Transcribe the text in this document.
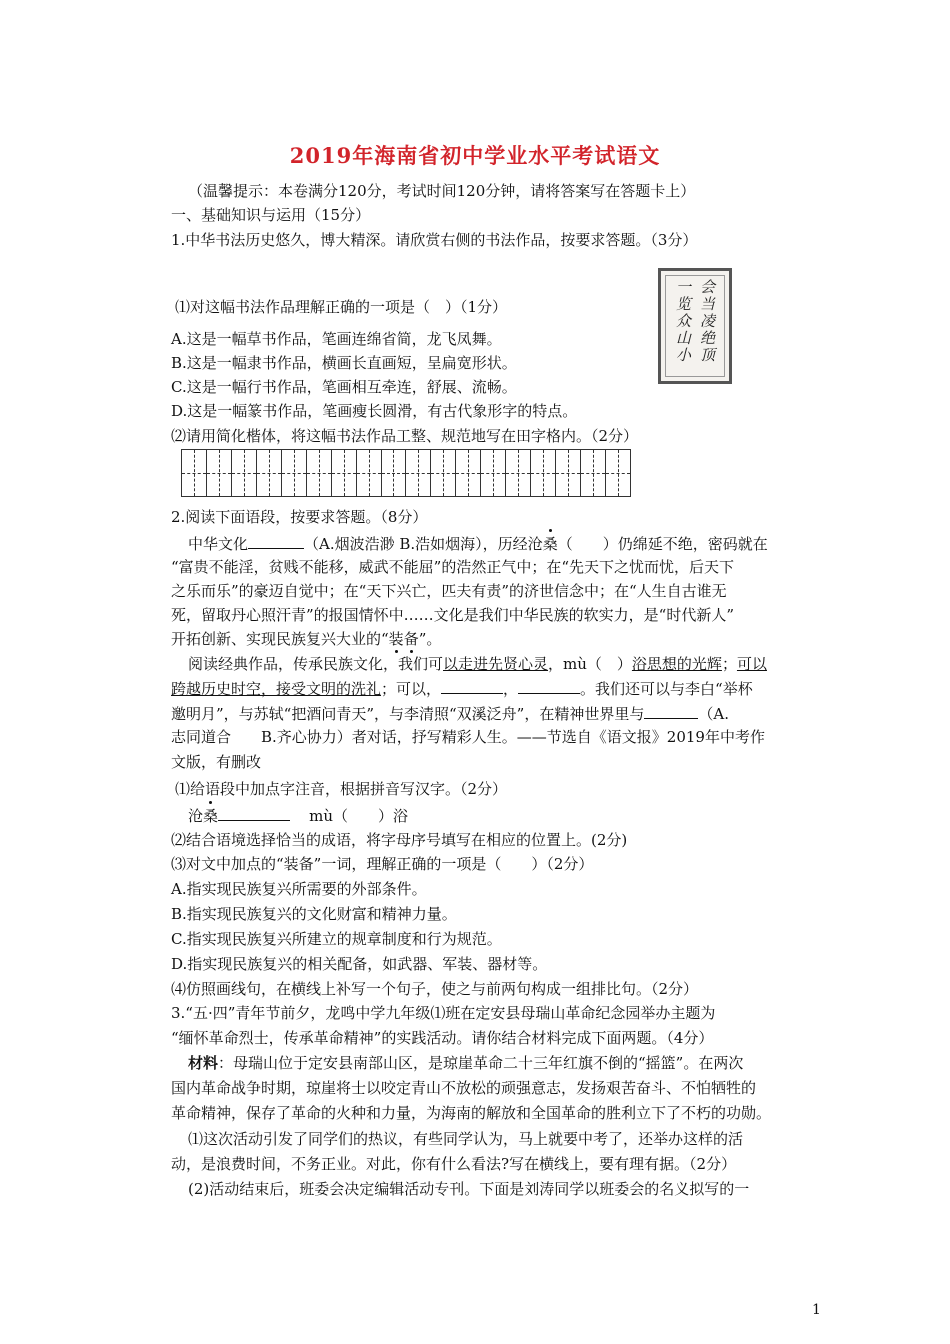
2019年海南省初中学业水平考试语文
（温馨提示：本卷满分120分，考试时间120分钟，请将答案写在答题卡上）
一、基础知识与运用（15分）
1.中华书法历史悠久，博大精深。请欣赏右侧的书法作品，按要求答题。（3分）
会当凌绝顶
一览众山小
⑴对这幅书法作品理解正确的一项是（　）（1分）
A.这是一幅草书作品，笔画连绵省简，龙飞凤舞。
B.这是一幅隶书作品，横画长直画短，呈扁宽形状。
C.这是一幅行书作品，笔画相互牵连，舒展、流畅。
D.这是一幅篆书作品，笔画瘦长圆滑，有古代象形字的特点。
⑵请用简化楷体，将这幅书法作品工整、规范地写在田字格内。（2分）
2.阅读下面语段，按要求答题。（8分）
中华文化	（A.烟波浩渺 B.浩如烟海），历经沧桑（　　）仍绵延不绝，密码就在
“富贵不能淫，贫贱不能移，威武不能屈”的浩然正气中；在“先天下之忧而忧，后天下
之乐而乐”的豪迈自觉中；在“天下兴亡，匹夫有责”的济世信念中；在“人生自古谁无
死，留取丹心照汗青”的报国情怀中……文化是我们中华民族的软实力，是“时代新人”
开拓创新、实现民族复兴大业的“装备”。
阅读经典作品，传承民族文化，我们可以走进先贤心灵，mù（　）浴思想的光辉；可以
跨越历史时空，接受文明的洗礼；可以，	，	。我们还可以与李白“举杯
邀明月”，与苏轼“把酒问青天”，与李清照“双溪泛舟”，在精神世界里与	（A.
志同道合　　B.齐心协力）者对话，抒写精彩人生。——节选自《语文报》2019年中考作
文版，有删改
⑴给语段中加点字注音，根据拼音写汉字。（2分）
沧桑	mù（　　）浴
⑵结合语境选择恰当的成语，将字母序号填写在相应的位置上。(2分)
⑶对文中加点的“装备”一词，理解正确的一项是（　　）（2分）
A.指实现民族复兴所需要的外部条件。
B.指实现民族复兴的文化财富和精神力量。
C.指实现民族复兴所建立的规章制度和行为规范。
D.指实现民族复兴的相关配备，如武器、军装、器材等。
⑷仿照画线句，在横线上补写一个句子，使之与前两句构成一组排比句。（2分）
3.“五·四”青年节前夕，龙鸣中学九年级⑴班在定安县母瑞山革命纪念园举办主题为
“缅怀革命烈士，传承革命精神”的实践活动。请你结合材料完成下面两题。（4分）
材料：母瑞山位于定安县南部山区，是琼崖革命二十三年红旗不倒的“摇篮”。在两次
国内革命战争时期，琼崖将士以咬定青山不放松的顽强意志，发扬艰苦奋斗、不怕牺牲的
革命精神，保存了革命的火种和力量，为海南的解放和全国革命的胜利立下了不朽的功勋。
⑴这次活动引发了同学们的热议，有些同学认为，马上就要中考了，还举办这样的活
动，是浪费时间，不务正业。对此，你有什么看法?写在横线上，要有理有据。（2分）
(2)活动结束后，班委会决定编辑活动专刊。下面是刘涛同学以班委会的名义拟写的一
1
